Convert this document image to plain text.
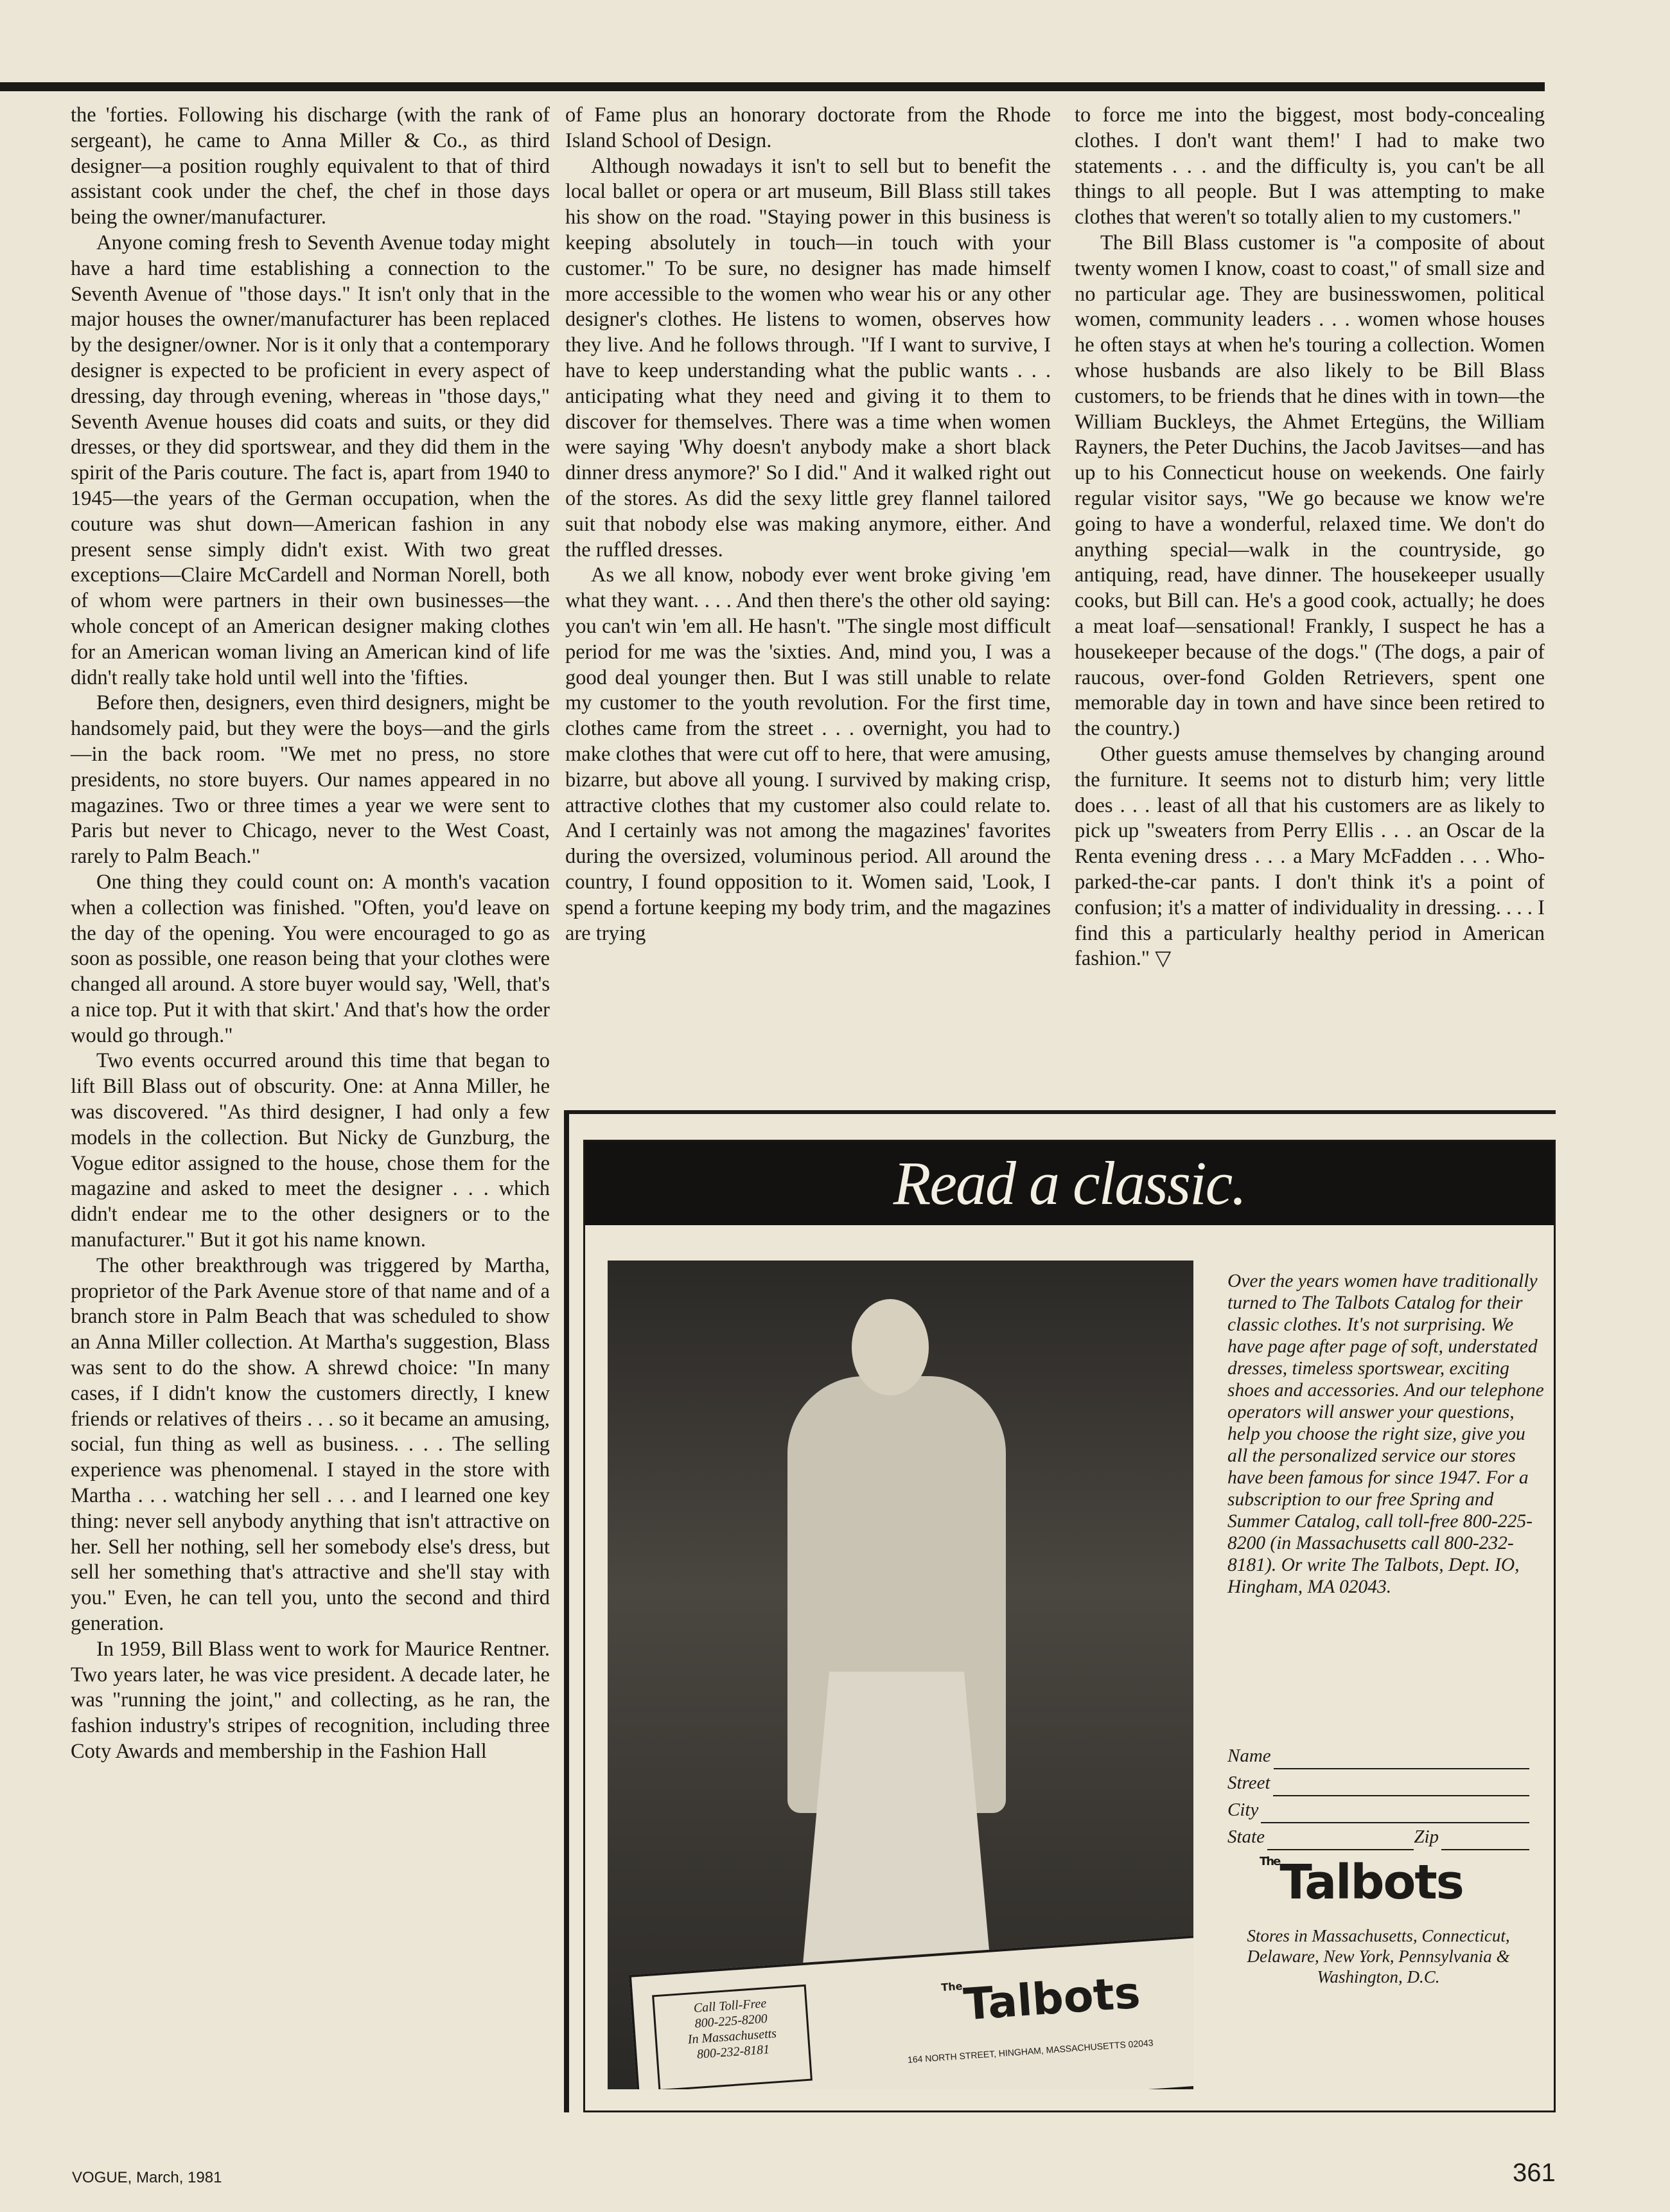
the 'forties. Following his discharge (with the rank of sergeant), he came to Anna Miller & Co., as third designer—a position roughly equivalent to that of third assistant cook under the chef, the chef in those days being the owner/manufacturer.

Anyone coming fresh to Seventh Avenue today might have a hard time establishing a connection to the Seventh Avenue of "those days." It isn't only that in the major houses the owner/manufacturer has been replaced by the designer/owner. Nor is it only that a contemporary designer is expected to be proficient in every aspect of dressing, day through evening, whereas in "those days," Seventh Avenue houses did coats and suits, or they did dresses, or they did sportswear, and they did them in the spirit of the Paris couture. The fact is, apart from 1940 to 1945—the years of the German occupation, when the couture was shut down—American fashion in any present sense simply didn't exist. With two great exceptions—Claire McCardell and Norman Norell, both of whom were partners in their own businesses—the whole concept of an American designer making clothes for an American woman living an American kind of life didn't really take hold until well into the 'fifties.

Before then, designers, even third designers, might be handsomely paid, but they were the boys—and the girls—in the back room. "We met no press, no store presidents, no store buyers. Our names appeared in no magazines. Two or three times a year we were sent to Paris but never to Chicago, never to the West Coast, rarely to Palm Beach."

One thing they could count on: A month's vacation when a collection was finished. "Often, you'd leave on the day of the opening. You were encouraged to go as soon as possible, one reason being that your clothes were changed all around. A store buyer would say, 'Well, that's a nice top. Put it with that skirt.' And that's how the order would go through."

Two events occurred around this time that began to lift Bill Blass out of obscurity. One: at Anna Miller, he was discovered. "As third designer, I had only a few models in the collection. But Nicky de Gunzburg, the Vogue editor assigned to the house, chose them for the magazine and asked to meet the designer . . . which didn't endear me to the other designers or to the manufacturer." But it got his name known.

The other breakthrough was triggered by Martha, proprietor of the Park Avenue store of that name and of a branch store in Palm Beach that was scheduled to show an Anna Miller collection. At Martha's suggestion, Blass was sent to do the show. A shrewd choice: "In many cases, if I didn't know the customers directly, I knew friends or relatives of theirs . . . so it became an amusing, social, fun thing as well as business. . . . The selling experience was phenomenal. I stayed in the store with Martha . . . watching her sell . . . and I learned one key thing: never sell anybody anything that isn't attractive on her. Sell her nothing, sell her somebody else's dress, but sell her something that's attractive and she'll stay with you." Even, he can tell you, unto the second and third generation.

In 1959, Bill Blass went to work for Maurice Rentner. Two years later, he was vice president. A decade later, he was "running the joint," and collecting, as he ran, the fashion industry's stripes of recognition, including three Coty Awards and membership in the Fashion Hall

of Fame plus an honorary doctorate from the Rhode Island School of Design.

Although nowadays it isn't to sell but to benefit the local ballet or opera or art museum, Bill Blass still takes his show on the road. "Staying power in this business is keeping absolutely in touch—in touch with your customer." To be sure, no designer has made himself more accessible to the women who wear his or any other designer's clothes. He listens to women, observes how they live. And he follows through. "If I want to survive, I have to keep understanding what the public wants . . . anticipating what they need and giving it to them to discover for themselves. There was a time when women were saying 'Why doesn't anybody make a short black dinner dress anymore?' So I did." And it walked right out of the stores. As did the sexy little grey flannel tailored suit that nobody else was making anymore, either. And the ruffled dresses.

As we all know, nobody ever went broke giving 'em what they want. . . . And then there's the other old saying: you can't win 'em all. He hasn't. "The single most difficult period for me was the 'sixties. And, mind you, I was a good deal younger then. But I was still unable to relate my customer to the youth revolution. For the first time, clothes came from the street . . . overnight, you had to make clothes that were cut off to here, that were amusing, bizarre, but above all young. I survived by making crisp, attractive clothes that my customer also could relate to. And I certainly was not among the magazines' favorites during the oversized, voluminous period. All around the country, I found opposition to it. Women said, 'Look, I spend a fortune keeping my body trim, and the magazines are trying

to force me into the biggest, most body-concealing clothes. I don't want them!' I had to make two statements . . . and the difficulty is, you can't be all things to all people. But I was attempting to make clothes that weren't so totally alien to my customers."

The Bill Blass customer is "a composite of about twenty women I know, coast to coast," of small size and no particular age. They are businesswomen, political women, community leaders . . . women whose houses he often stays at when he's touring a collection. Women whose husbands are also likely to be Bill Blass customers, to be friends that he dines with in town—the William Buckleys, the Ahmet Ertegüns, the William Rayners, the Peter Duchins, the Jacob Javitses—and has up to his Connecticut house on weekends. One fairly regular visitor says, "We go because we know we're going to have a wonderful, relaxed time. We don't do anything special—walk in the countryside, go antiquing, read, have dinner. The housekeeper usually cooks, but Bill can. He's a good cook, actually; he does a meat loaf—sensational! Frankly, I suspect he has a housekeeper because of the dogs." (The dogs, a pair of raucous, over-fond Golden Retrievers, spent one memorable day in town and have since been retired to the country.)

Other guests amuse themselves by changing around the furniture. It seems not to disturb him; very little does . . . least of all that his customers are as likely to pick up "sweaters from Perry Ellis . . . an Oscar de la Renta evening dress . . . a Mary McFadden . . . Who-parked-the-car pants. I don't think it's a point of confusion; it's a matter of individuality in dressing. . . . I find this a particularly healthy period in American fashion." ▽

Read a classic.
Call Toll-Free
800-225-8200
In Massachusetts
800-232-8181
$^{The}$Talbots
164 NORTH STREET, HINGHAM, MASSACHUSETTS 02043
Over the years women have traditionally turned to The Talbots Catalog for their classic clothes. It's not surprising. We have page after page of soft, understated dresses, timeless sportswear, exciting shoes and accessories. And our telephone operators will answer your questions, help you choose the right size, give you all the personalized service our stores have been famous for since 1947. For a subscription to our free Spring and Summer Catalog, call toll-free 800-225-8200 (in Massachusetts call 800-232-8181). Or write The Talbots, Dept. IO, Hingham, MA 02043.
Name
Street
City
State	Zip
$^{The}$Talbots
Stores in Massachusetts, Connecticut, Delaware, New York, Pennsylvania & Washington, D.C.
VOGUE, March, 1981	361
